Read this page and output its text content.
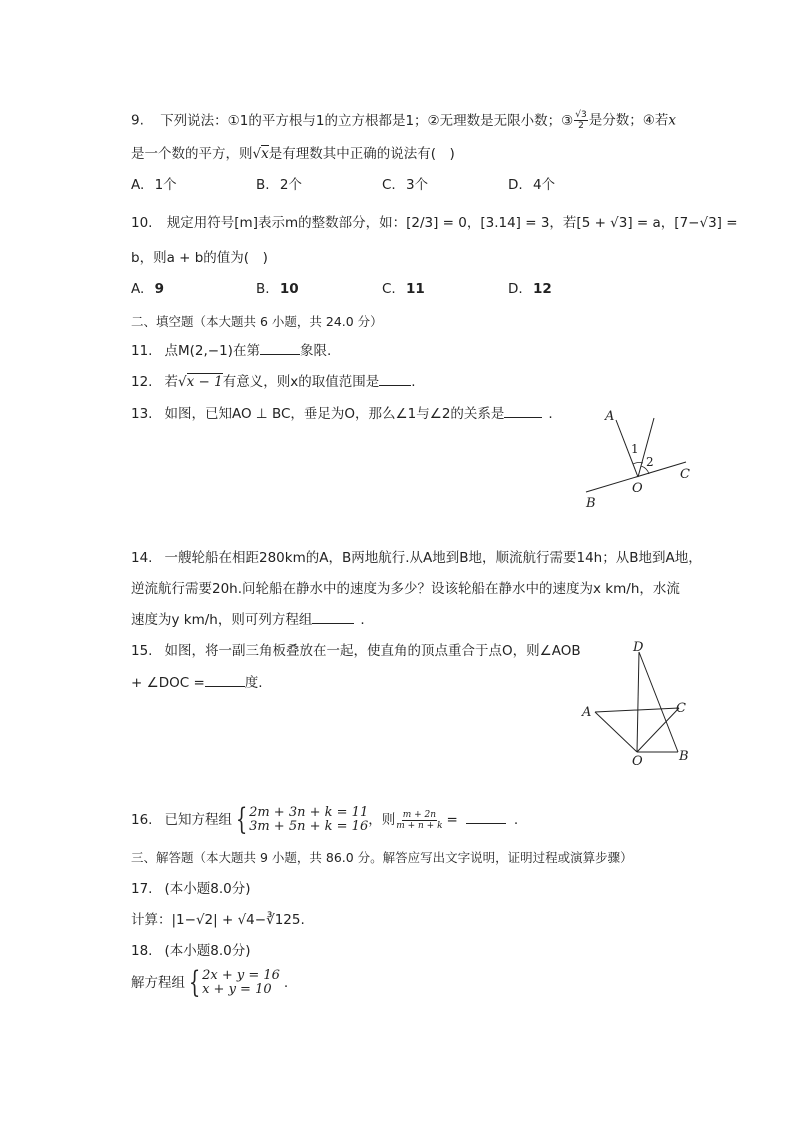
9. 下列说法：①1的平方根与1的立方根都是1；②无理数是无限小数；③ $\frac{√3}{2}$ 是分数；④若x
是一个数的平方，则√x是有理数其中正确的说法有(　)
A. 1个	B. 2个	C. 3个	D. 4个
10. 规定用符号[m]表示m的整数部分，如：[2/3] = 0，[3.14] = 3，若[5 + √3] = a，[7−√3] =
b，则a + b的值为(　)
A. 9	B. 10	C. 11	D. 12
二、填空题（本大题共 6 小题，共 24.0 分）
11. 点M(2,−1)在第	象限.
12. 若√x − 1有意义，则x的取值范围是 .
13. 如图，已知AO ⊥ BC，垂足为O，那么∠1与∠2的关系是	.	A
B
C
O
1
2
14. 一艘轮船在相距280km的A，B两地航行.从A地到B地，顺流航行需要14h；从B地到A地，
逆流航行需要20h.问轮船在静水中的速度为多少？设该轮船在静水中的速度为x km/h，水流
速度为y km/h，则可列方程组	.
15. 如图，将一副三角板叠放在一起，使直角的顶点重合于点O，则∠AOB
+ ∠DOC =	度.
D
A	C
O	B
16. 已知方程组 { 2m + 3n + k = 11
3m + 5n + k = 16 ，则 $\frac{m + 2n}{m + n + k}$ =	.
三、解答题（本大题共 9 小题，共 86.0 分。解答应写出文字说明，证明过程或演算步骤）
17. (本小题8.0分)
计算：|1−√2| + √4−∛125.
18. (本小题8.0分)
解方程组 { 2x + y = 16
x + y = 10 .
